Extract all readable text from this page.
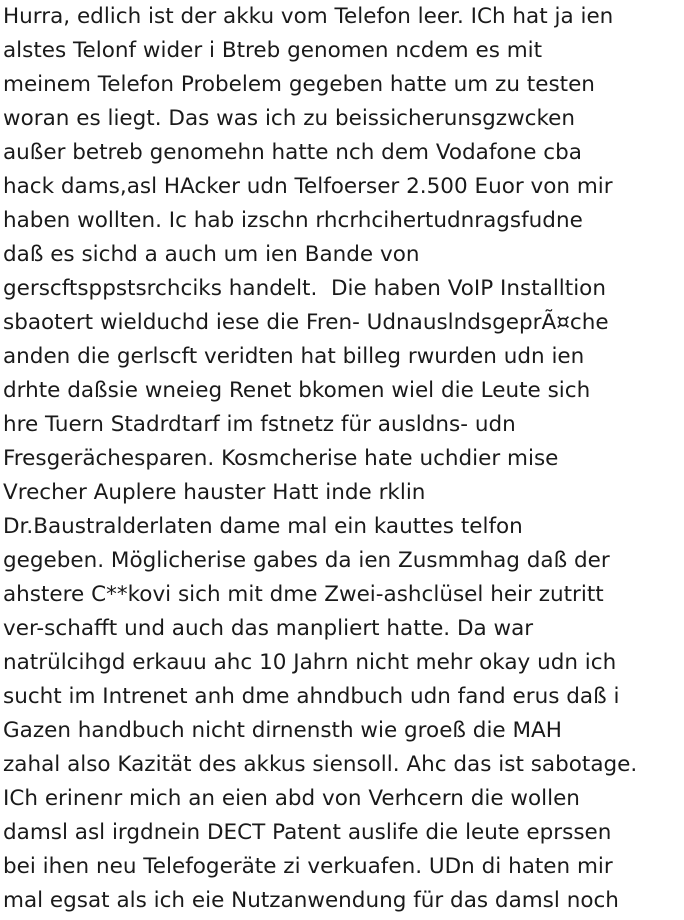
Hurra, edlich ist der akku vom Telefon leer. ICh hat ja ien
alstes Telonf wider i Btreb genomen ncdem es mit
meinem Telefon Probelem gegeben hatte um zu testen
woran es liegt. Das was ich zu beissicherunsgzwcken
außer betreb genomehn hatte nch dem Vodafone cba
hack dams,asl HAcker udn Telfoerser 2.500 Euor von mir
haben wollten. Ic hab izschn rhcrhcihertudnragsfudne
daß es sichd a auch um ien Bande von
gerscftsppstsrchciks handelt.  Die haben VoIP Installtion
sbaotert wielduchd iese die Fren- UdnauslndsgeprÃ¤che
anden die gerlscft veridten hat billeg rwurden udn ien
drhte daßsie wneieg Renet bkomen wiel die Leute sich
hre Tuern Stadrdtarf im fstnetz für ausldns- udn
Fresgerächesparen. Kosmcherise hate uchdier mise
Vrecher Auplere hauster Hatt inde rklin
Dr.Baustralderlaten dame mal ein kauttes telfon
gegeben. Möglicherise gabes da ien Zusmmhag daß der
ahstere C**kovi sich mit dme Zwei-ashclüsel heir zutritt
ver-schafft und auch das manpliert hatte. Da war
natrülcihgd erkauu ahc 10 Jahrn nicht mehr okay udn ich
sucht im Intrenet anh dme ahndbuch udn fand erus daß i
Gazen handbuch nicht dirnensth wie groeß die MAH
zahal also Kazität des akkus siensoll. Ahc das ist sabotage.
ICh erinenr mich an eien abd von Verhcern die wollen
damsl asl irgdnein DECT Patent auslife die leute eprssen
bei ihen neu Telefogeräte zi verkuafen. UDn di haten mir
mal egsat als ich eie Nutzanwendung für das damsl noch
